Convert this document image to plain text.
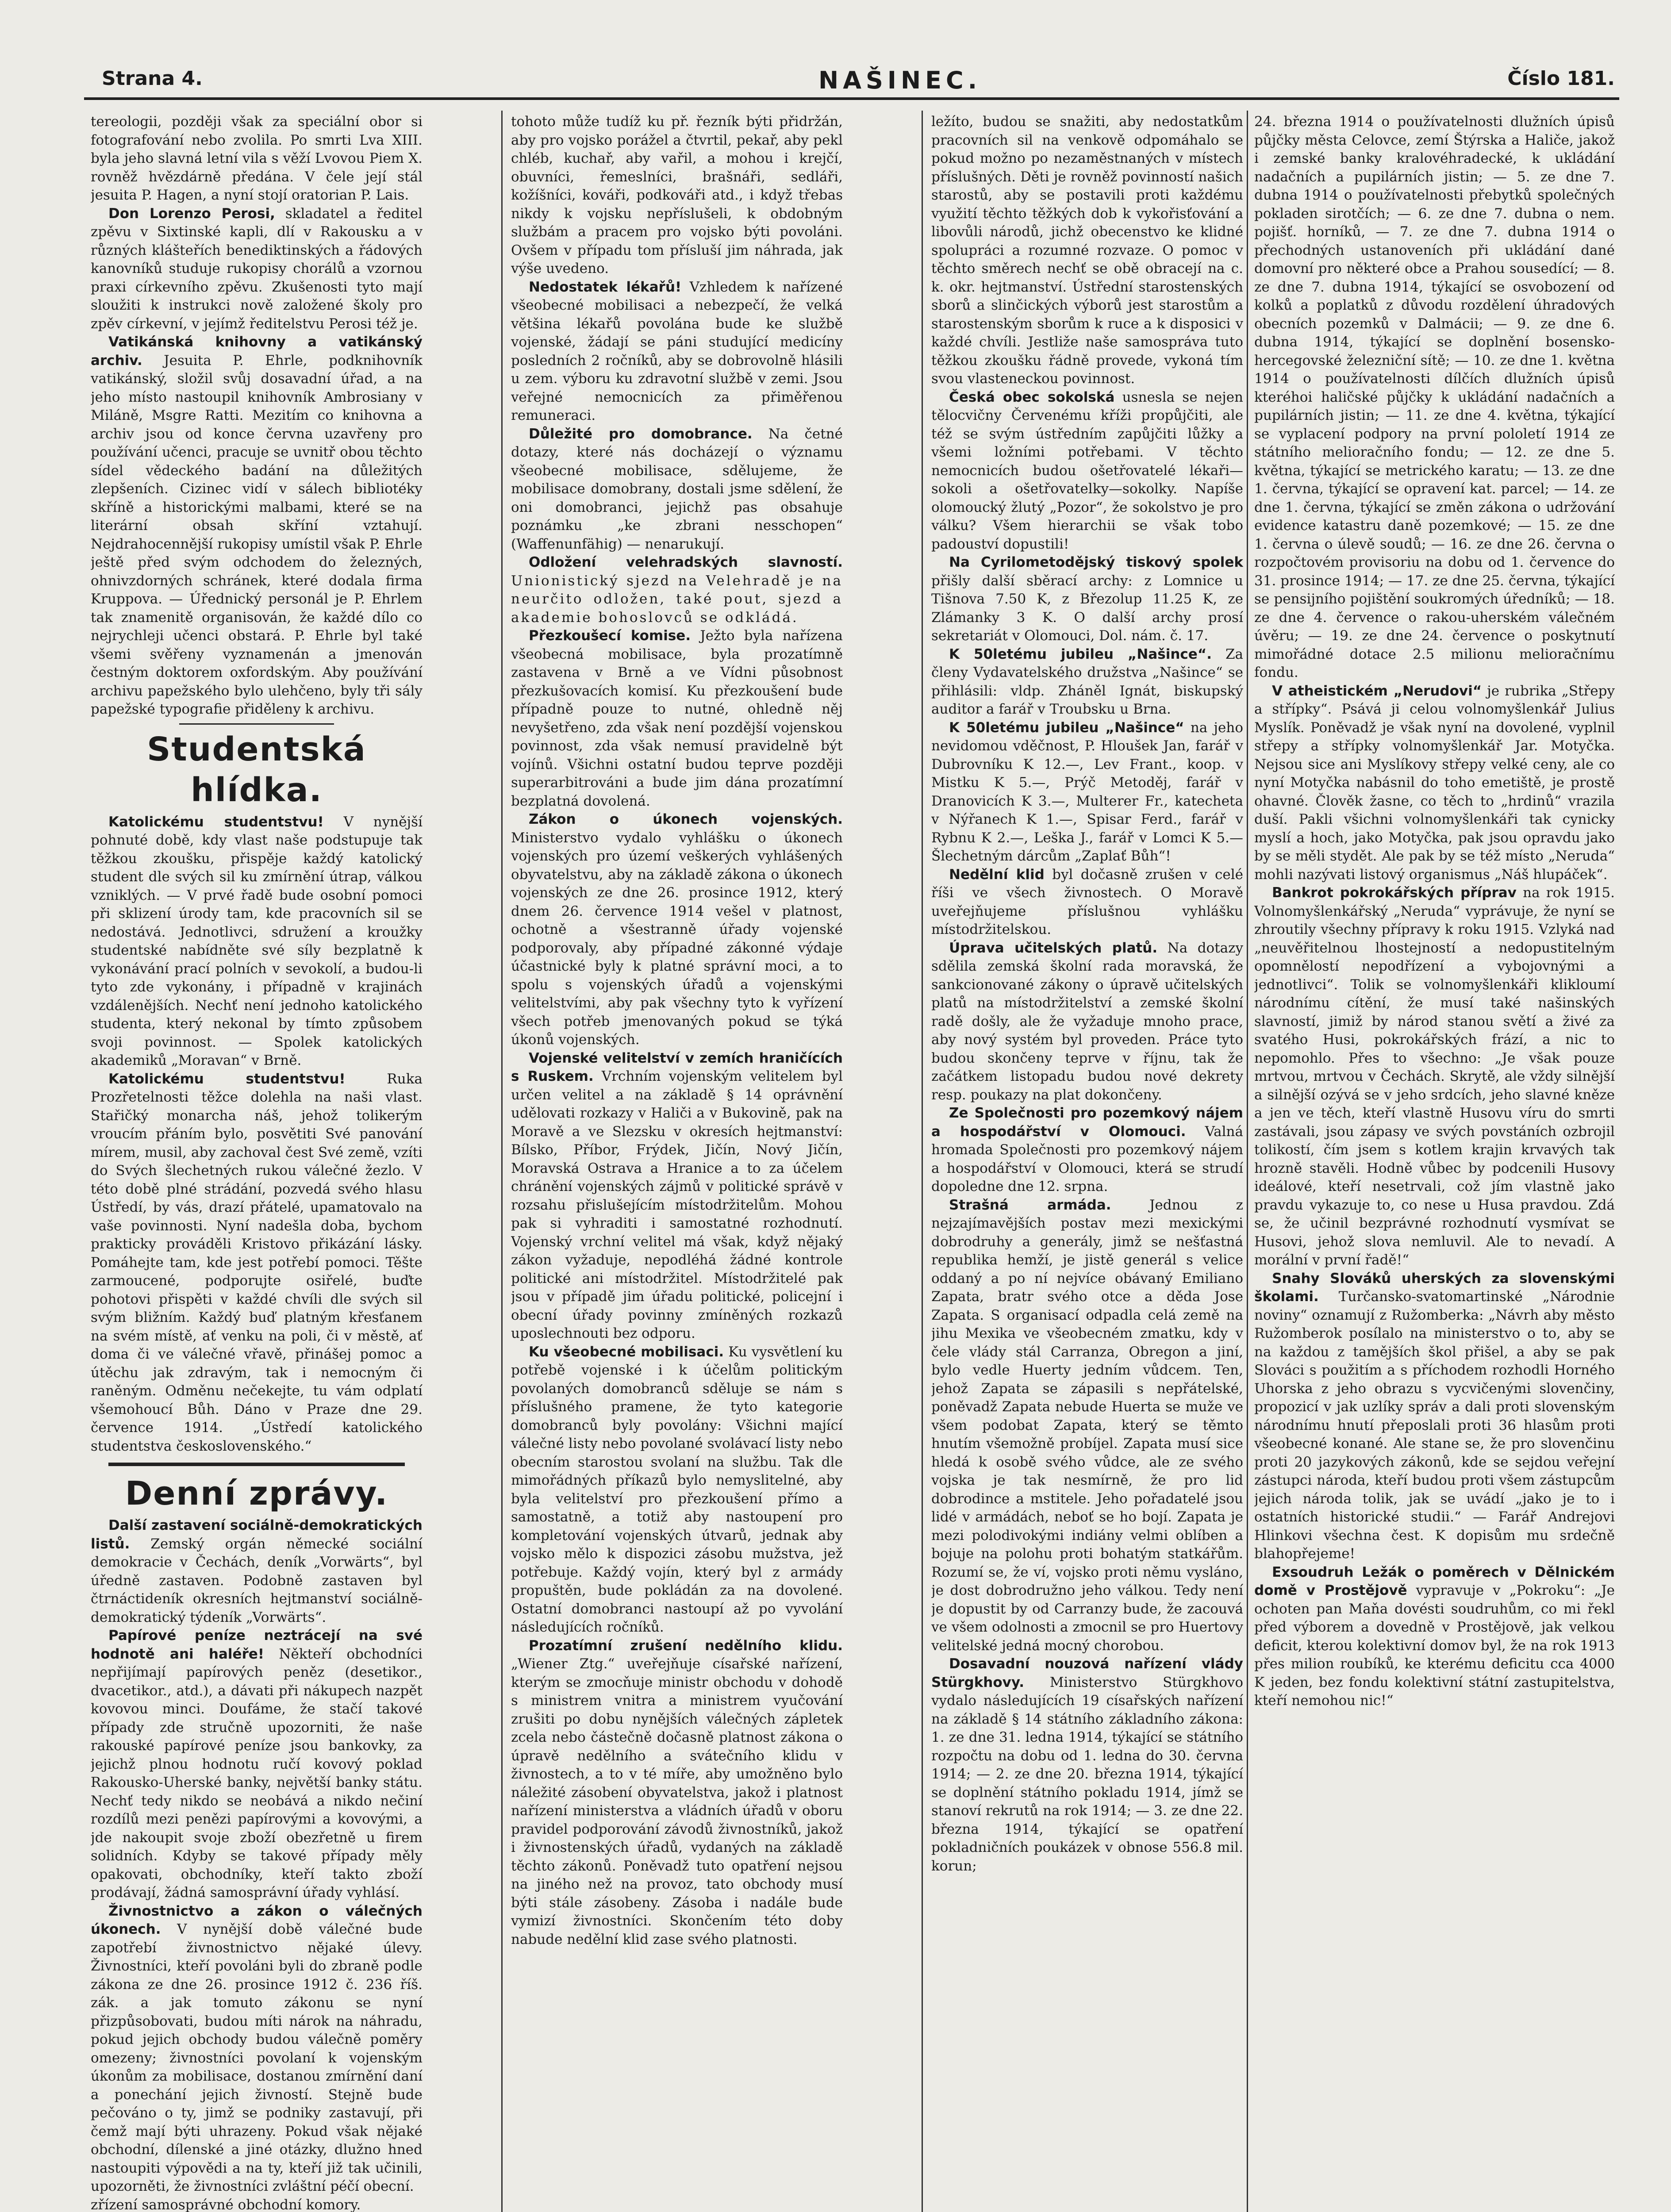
Strana 4.	NAŠINEC.	Číslo 181.

tereologii, později však za speciální obor si fotografování nebo zvolila. Po smrti Lva XIII. byla jeho slavná letní vila s věží Lvovou Piem X. rovněž hvězdárně předána. V čele její stál jesuita P. Hagen, a nyní stojí oratorian P. Lais.

Don Lorenzo Perosi, skladatel a ředitel zpěvu v Sixtinské kapli, dlí v Rakousku a v různých klášteřích benediktinských a řádových kanovníků studuje rukopisy chorálů a vzornou praxi církevního zpěvu. Zkušenosti tyto mají sloužiti k instrukci nově založené školy pro zpěv církevní, v jejímž ředitelstvu Perosi též je.

Vatikánská knihovny a vatikánský archiv. Jesuita P. Ehrle, podknihovník vatikánský, složil svůj dosavadní úřad, a na jeho místo nastoupil knihovník Ambrosiany v Miláně, Msgre Ratti. Mezitím co knihovna a archiv jsou od konce června uzavřeny pro používání učenci, pracuje se uvnitř obou těchto sídel vědeckého badání na důležitých zlepšeních. Cizinec vidí v sálech bibliotéky skříně a historickými malbami, které se na literární obsah skříní vztahují. Nejdrahocennější rukopisy umístil však P. Ehrle ještě před svým odchodem do železných, ohnivzdorných schránek, které dodala firma Kruppova. — Úřednický personál je P. Ehrlem tak znamenitě organisován, že každé dílo co nejrychleji učenci obstará. P. Ehrle byl také všemi svěřeny vyznamenán a jmenován čestným doktorem oxfordským. Aby používání archivu papežského bylo ulehčeno, byly tři sály papežské typografie přiděleny k archivu.

Studentská hlídka.

Katolickému studentstvu! V nynější pohnuté době, kdy vlast naše podstupuje tak těžkou zkoušku, přispěje každý katolický student dle svých sil ku zmírnění útrap, válkou vzniklých. — V prvé řadě bude osobní pomoci při sklizení úrody tam, kde pracovních sil se nedostává. Jednotlivci, sdružení a kroužky studentské nabídněte své síly bezplatně k vykonávání prací polních v sevokolí, a budou-li tyto zde vykonány, i případně v krajinách vzdálenějších. Nechť není jednoho katolického studenta, který nekonal by tímto způsobem svoji povinnost. — Spolek katolických akademiků „Moravan“ v Brně.

Katolickému studentstvu!	Ruka Prozřetelnosti těžce dolehla na naši vlast. Stařičký monarcha náš, jehož tolikerým vroucím přáním bylo, posvětiti Své panování mírem, musil, aby zachoval čest Své země, vzíti do Svých šlechetných rukou válečné žezlo. V této době plné strádání, pozvedá svého hlasu Ústředí, by vás, drazí přátelé, upamatovalo na vaše povinnosti. Nyní nadešla doba, bychom prakticky prováděli Kristovo přikázání lásky. Pomáhejte tam, kde jest potřebí pomoci. Těšte zarmoucené, podporujte osiřelé, buďte pohotovi přispěti v každé chvíli dle svých sil svým bližním. Každý buď platným křesťanem na svém místě, ať venku na poli, či v městě, ať doma či ve válečné vřavě, přinášej pomoc a útěchu jak zdravým, tak i nemocným či raněným. Odměnu nečekejte, tu vám odplatí všemohoucí Bůh. Dáno v Praze dne 29. července 1914. „Ústředí katolického studentstva československého.“

Denní zprávy.

Další zastavení sociálně-demokratických listů. Zemský orgán německé sociální demokracie v Čechách, deník „Vorwärts“, byl úředně zastaven. Podobně zastaven byl čtrnáctideník okresních hejtmanství sociálně-demokratický týdeník „Vorwärts“.

Papírové peníze neztrácejí na své hodnotě ani haléře! Někteří obchodníci nepřijímají papírových peněz (desetikor., dvacetikor., atd.), a dávati při nákupech nazpět kovovou minci. Doufáme, že stačí takové případy zde stručně upozorniti, že naše rakouské papírové peníze jsou bankovky, za jejichž plnou hodnotu ručí kovový poklad Rakousko-Uherské banky, největší banky státu. Nechť tedy nikdo se neobává a nikdo nečiní rozdílů mezi penězi papírovými a kovovými, a jde nakoupit svoje zboží obezřetně u firem solidních. Kdyby se takové případy měly opakovati, obchodníky, kteří takto zboží prodávají, žádná samosprávní úřady vyhlásí.

Živnostnictvo a zákon o válečných úkonech. V nynější době válečné bude zapotřebí živnostnictvo nějaké úlevy. Živnostníci, kteří povoláni byli do zbraně podle zákona ze dne 26. prosince 1912 č. 236 říš. zák. a jak tomuto zákonu se nyní přizpůsobovati, budou míti nárok na náhradu, pokud jejich obchody budou válečně poměry omezeny; živnostníci povolaní k vojenským úkonům za mobilisace, dostanou zmírnění daní a ponechání jejich živností. Stejně bude pečováno o ty, jimž se podniky zastavují, při čemž mají býti uhrazeny. Pokud však nějaké obchodní, dílenské a jiné otázky, dlužno hned nastoupiti výpovědi a na ty, kteří již tak učinili, upozorněti, že živnostníci zvláštní péčí obecní.

zřízení samosprávné obchodní komory.

tohoto může tudíž ku př. řezník býti přidržán, aby pro vojsko porážel a čtvrtil, pekař, aby pekl chléb, kuchař, aby vařil, a mohou i krejčí, obuvníci, řemeslníci, brašnáři, sedláři, kožíšníci, kováři, podkováři atd., i když třebas nikdy k vojsku nepříslušeli, k obdobným službám a pracem pro vojsko býti povoláni. Ovšem v případu tom přísluší jim náhrada, jak výše uvedeno.

Nedostatek lékařů! Vzhledem k nařízené všeobecné mobilisaci a nebezpečí, že velká většina lékařů povolána bude ke službě vojenské, žádají se páni studující medicíny posledních 2 ročníků, aby se dobrovolně hlásili u zem. výboru ku zdravotní službě v zemi. Jsou veřejné nemocnicích za přiměřenou remuneraci.

Důležité pro domobrance. Na četné dotazy, které nás docházejí o významu všeobecné mobilisace, sdělujeme, že mobilisace domobrany, dostali jsme sdělení, že oni domobranci, jejichž pas obsahuje poznámku „ke zbrani nesschopen“ (Waffenunfähig) — nenarukují.

Odložení velehradských slavností. Unionistický sjezd na Velehradě je na neurčito odložen, také pout, sjezd a akademie bohoslovců se odkládá.

Přezkoušecí komise. Ježto byla nařízena všeobecná mobilisace, byla prozatímně zastavena v Brně a ve Vídni působnost přezkušovacích komisí. Ku přezkoušení bude případně pouze to nutné, ohledně něj nevyšetřeno, zda však není pozdější vojenskou povinnost, zda však nemusí pravidelně být vojínů. Všichni ostatní budou teprve později superarbitrováni a bude jim dána prozatímní bezplatná dovolená.

Zákon o úkonech vojenských. Ministerstvo vydalo vyhlášku o úkonech vojenských pro území veškerých vyhlášených obyvatelstvu, aby na základě zákona o úkonech vojenských ze dne 26. prosince 1912, který dnem 26. července 1914 vešel v platnost, ochotně a všestranně úřady vojenské podporovaly, aby případné zákonné výdaje účastnické byly k platné správní moci, a to spolu s vojenských úřadů a vojenskými velitelstvími, aby pak všechny tyto k vyřízení všech potřeb jmenovaných pokud se týká úkonů vojenských.

Vojenské velitelství v zemích hraničících s Ruskem. Vrchním vojenským velitelem byl určen velitel a na základě § 14 oprávnění udělovati rozkazy v Haliči a v Bukovině, pak na Moravě a ve Slezsku v okresích hejtmanství: Bílsko, Příbor, Frýdek, Jičín, Nový Jičín, Moravská Ostrava a Hranice a to za účelem chránění vojenských zájmů v politické správě v rozsahu přislušejícím místodržitelům. Mohou pak si vyhraditi i samostatné rozhodnutí. Vojenský vrchní velitel má však, když nějaký zákon vyžaduje, nepodléhá žádné kontrole politické ani místodržitel. Místodržitelé pak jsou v případě jim úřadu politické, policejní i obecní úřady povinny zmíněných rozkazů uposlechnouti bez odporu.

Ku všeobecné mobilisaci. Ku vysvětlení ku potřebě vojenské i k účelům politickým povolaných domobranců sděluje se nám s příslušného pramene, že tyto kategorie domobranců byly povolány: Všichni mající válečné listy nebo povolané svolávací listy nebo obecním starostou svolaní na službu. Tak dle mimořádných příkazů bylo nemyslitelné, aby byla velitelství pro přezkoušení přímo a samostatně, a totiž aby nastoupení pro kompletování vojenských útvarů, jednak aby vojsko mělo k dispozici zásobu mužstva, jež potřebuje. Každý vojín, který byl z armády propuštěn, bude pokládán za na dovolené. Ostatní domobranci nastoupí až po vyvolání následujících ročníků.

Prozatímní zrušení nedělního klidu. „Wiener Ztg.“ uveřejňuje císařské nařízení, kterým se zmocňuje ministr obchodu v dohodě s ministrem vnitra a ministrem vyučování zrušiti po dobu nynějších válečných zápletek zcela nebo částečně dočasně platnost zákona o úpravě nedělního a svátečního klidu v živnostech, a to v té míře, aby umožněno bylo náležité zásobení obyvatelstva, jakož i platnost nařízení ministerstva a vládních úřadů v oboru pravidel podporování závodů živnostníků, jakož i živnostenských úřadů, vydaných na základě těchto zákonů. Poněvadž tuto opatření nejsou na jiného než na provoz, tato obchody musí býti stále zásobeny. Zásoba i nadále bude vymizí živnostníci. Skončením této doby nabude nedělní klid zase svého platnosti.

ležíto, budou se snažiti, aby nedostatkům pracovních sil na venkově odpomáhalo se pokud možno po nezaměstnaných v místech příslušných. Děti je rovněž povinností našich starostů, aby se postavili proti každému využití těchto těžkých dob k vykořisťování a libovůli národů, jichž obecenstvo ke klidné spolupráci a rozumné rozvaze. O pomoc v těchto směrech nechť se obě obracejí na c. k. okr. hejtmanství. Ústřední starostenských sborů a slinčických výborů jest starostům a starostenským sborům k ruce a k disposici v každé chvíli. Jestliže naše samospráva tuto těžkou zkoušku řádně provede, vykoná tím svou vlasteneckou povinnost.

Česká obec sokolská usnesla se nejen tělocvičny Červenému kříži propůjčiti, ale též se svým ústředním zapůjčiti lůžky a všemi ložními potřebami. V těchto nemocnicích budou ošetřovatelé lékaři—sokoli a ošetřovatelky—sokolky. Napíše olomoucký žlutý „Pozor“, že sokolstvo je pro válku? Všem hierarchii se však tobo padouství dopustili!

Na Cyrilometodějský tiskový spolek přišly další sběrací archy: z Lomnice u Tišnova 7.50 K, z Březolup 11.25 K, ze Zlámanky 3 K. O další archy prosí sekretariát v Olomouci, Dol. nám. č. 17.

K 50letému jubileu „Našince“. Za členy Vydavatelského družstva „Našince“ se přihlásili: vldp. Zháněl Ignát, biskupský auditor a farář v Troubsku u Brna.

K 50letému jubileu „Našince“ na jeho nevidomou vděčnost, P. Hloušek Jan, farář v Dubrovníku K 12.—, Lev Frant., koop. v Mistku K 5.—, Prýč Metoděj, farář v Dranovicích K 3.—, Multerer Fr., katecheta v Nýřanech K 1.—, Spisar Ferd., farář v Rybnu K 2.—, Leška J., farář v Lomci K 5.— Šlechetným dárcům „Zaplať Bůh“!

Nedělní klid byl dočasně zrušen v celé říši ve všech živnostech. O Moravě uveřejňujeme příslušnou vyhlášku místodržitelskou.

Úprava učitelských platů. Na dotazy sdělila zemská školní rada moravská, že sankcionované zákony o úpravě učitelských platů na místodržitelství a zemské školní radě došly, ale že vyžaduje mnoho prace, aby nový systém byl proveden. Práce tyto budou skončeny teprve v říjnu, tak že začátkem listopadu budou nové dekrety resp. poukazy na plat dokončeny.

Ze Společnosti pro pozemkový nájem a hospodářství v Olomouci. Valná hromada Společnosti pro pozemkový nájem a hospodářství v Olomouci, která se strudí dopoledne dne 12. srpna.

Strašná armáda.	Jednou z nejzajímavějších postav mezi mexickými dobrodruhy a generály, jimž se nešťastná republika hemží, je jistě generál s velice oddaný a po ní nejvíce obávaný Emiliano Zapata, bratr svého otce a děda Jose Zapata. S organisací odpadla celá země na jihu Mexika ve všeobecném zmatku, kdy v čele vlády stál Carranza, Obregon a jiní, bylo vedle Huerty jedním vůdcem. Ten, jehož Zapata se zápasili s nepřátelské, poněvadž Zapata nebude Huerta se muže ve všem podobat Zapata, který se těmto hnutím všemožně probíjel. Zapata musí sice hledá k osobě svého vůdce, ale ze svého vojska je tak nesmírně, že pro lid dobrodince a mstitele. Jeho pořadatelé jsou lidé v armádách, neboť se ho bojí. Zapata je mezi polodivokými indiány velmi oblíben a bojuje na polohu proti bohatým statkářům. Rozumí se, že ví, vojsko proti němu vysláno, je dost dobrodružno jeho válkou. Tedy není je dopustit by od Carranzy bude, že zacouvá ve všem odolnosti a zmocnil se pro Huertovy velitelské jedná mocný chorobou.

Dosavadní nouzová nařízení vlády Stürgkhovy. Ministerstvo Stürgkhovo vydalo následujících 19 císařských nařízení na základě § 14 státního základního zákona: 1. ze dne 31. ledna 1914, týkající se státního rozpočtu na dobu od 1. ledna do 30. června 1914; — 2. ze dne 20. března 1914, týkající se doplnění státního pokladu 1914, jímž se stanoví rekrutů na rok 1914; — 3. ze dne 22. března 1914, týkající se opatření pokladničních poukázek v obnose 556.8 mil. korun;

24. března 1914 o používatelnosti dlužních úpisů půjčky města Celovce, zemí Štýrska a Haliče, jakož i zemské banky kralovéhradecké, k ukládání nadačních a pupilárních jistin; — 5. ze dne 7. dubna 1914 o používatelnosti přebytků společných pokladen sirotčích; — 6. ze dne 7. dubna o nem. pojišť. horníků, — 7. ze dne 7. dubna 1914 o přechodných ustanoveních při ukládání dané domovní pro některé obce a Prahou sousedící; — 8. ze dne 7. dubna 1914, týkající se osvobození od kolků a poplatků z důvodu rozdělení úhradových obecních pozemků v Dalmácii; — 9. ze dne 6. dubna 1914, týkající se doplnění bosensko-hercegovské železniční sítě; — 10. ze dne 1. května 1914 o používatelnosti dílčích dlužních úpisů kteréhoi haličské půjčky k ukládání nadačních a pupilárních jistin; — 11. ze dne 4. května, týkající se vyplacení podpory na první pololetí 1914 ze státního melioračního fondu; — 12. ze dne 5. května, týkající se metrického karatu; — 13. ze dne 1. června, týkající se opravení kat. parcel; — 14. ze dne 1. června, týkající se změn zákona o udržování evidence katastru daně pozemkové; — 15. ze dne 1. června o úlevě soudů; — 16. ze dne 26. června o rozpočtovém provisoriu na dobu od 1. července do 31. prosince 1914; — 17. ze dne 25. června, týkající se pensijního pojištění soukromých úředníků; — 18. ze dne 4. července o rakou-uherském válečném úvěru; — 19. ze dne 24. července o poskytnutí mimořádné dotace 2.5 milionu melioračnímu fondu.

V atheistickém „Nerudovi“ je rubrika „Střepy a střípky“. Psává ji celou volnomyšlenkář Julius Myslík. Poněvadž je však nyní na dovolené, vyplnil střepy a střípky volnomyšlenkář Jar. Motyčka. Nejsou sice ani Myslíkovy střepy velké ceny, ale co nyní Motyčka nabásnil do toho emetiště, je prostě ohavné. Člověk žasne, co těch to „hrdinů“ vrazila duší. Pakli všichni volnomyšlenkáři tak cynicky myslí a hoch, jako Motyčka, pak jsou opravdu jako by se měli stydět. Ale pak by se též místo „Neruda“ mohli nazývati listový organismus „Náš hlupáček“.

Bankrot pokrokářských příprav na rok 1915. Volnomyšlenkářský „Neruda“ vyprávuje, že nyní se zhroutily všechny přípravy k roku 1915. Vzlyká nad „neuvěřitelnou lhostejností a nedopustitelným opomnělostí nepodřízení a vybojovnými a jednotlivci“. Tolik se volnomyšlenkáři klikloumí národnímu cítění, že musí také našinských slavností, jimiž by národ stanou světí a živé za svatého Husi, pokrokářských frází, a nic to nepomohlo. Přes to všechno: „Je však pouze mrtvou, mrtvou v Čechách. Skrytě, ale vždy silnější a silnější ozývá se v jeho srdcích, jeho slavné kněze a jen ve těch, kteří vlastně Husovu víru do smrti zastávali, jsou zápasy ve svých povstáních ozbrojil tolikostí, čím jsem s kotlem krajin krvavých tak hrozně stavěli. Hodně vůbec by podcenili Husovy ideálové, kteří nesetrvali, což jím vlastně jako pravdu vykazuje to, co nese u Husa pravdou. Zdá se, že učinil bezprávné rozhodnutí vysmívat se Husovi, jehož slova nemluvil. Ale to nevadí. A morální v první řadě!“

Snahy Slováků uherských za slovenskými školami. Turčansko-svatomartinské „Národnie noviny“ oznamují z Ružomberka: „Návrh aby město Ružomberok posílalo na ministerstvo o to, aby se na každou z tamějších škol přišel, a aby se pak Slováci s použitím a s příchodem rozhodli Horného Uhorska z jeho obrazu s vycvičenými slovenčiny, propozicí v jak uzlíky správ a dali proti slovenským národnímu hnutí přeposlali proti 36 hlasům proti všeobecné konané. Ale stane se, že pro slovenčinu proti 20 jazykových zákonů, kde se sejdou veřejní zástupci národa, kteří budou proti všem zástupcům jejich národa tolik, jak se uvádí „jako je to i ostatních historické studii.“ — Farář Andrejovi Hlinkovi všechna čest. K dopisům mu srdečně blahopřejeme!

Exsoudruh Ležák o poměrech v Dělnickém domě v Prostějově vypravuje v „Pokroku“: „Je ochoten pan Maňa dovésti soudruhům, co mi řekl před výborem a dovedně v Prostějově, jak velkou deficit, kterou kolektivní domov byl, že na rok 1913 přes milion roubíků, ke kterému deficitu cca 4000 K jeden, bez fondu kolektivní státní zastupitelstva, kteří nemohou nic!“
